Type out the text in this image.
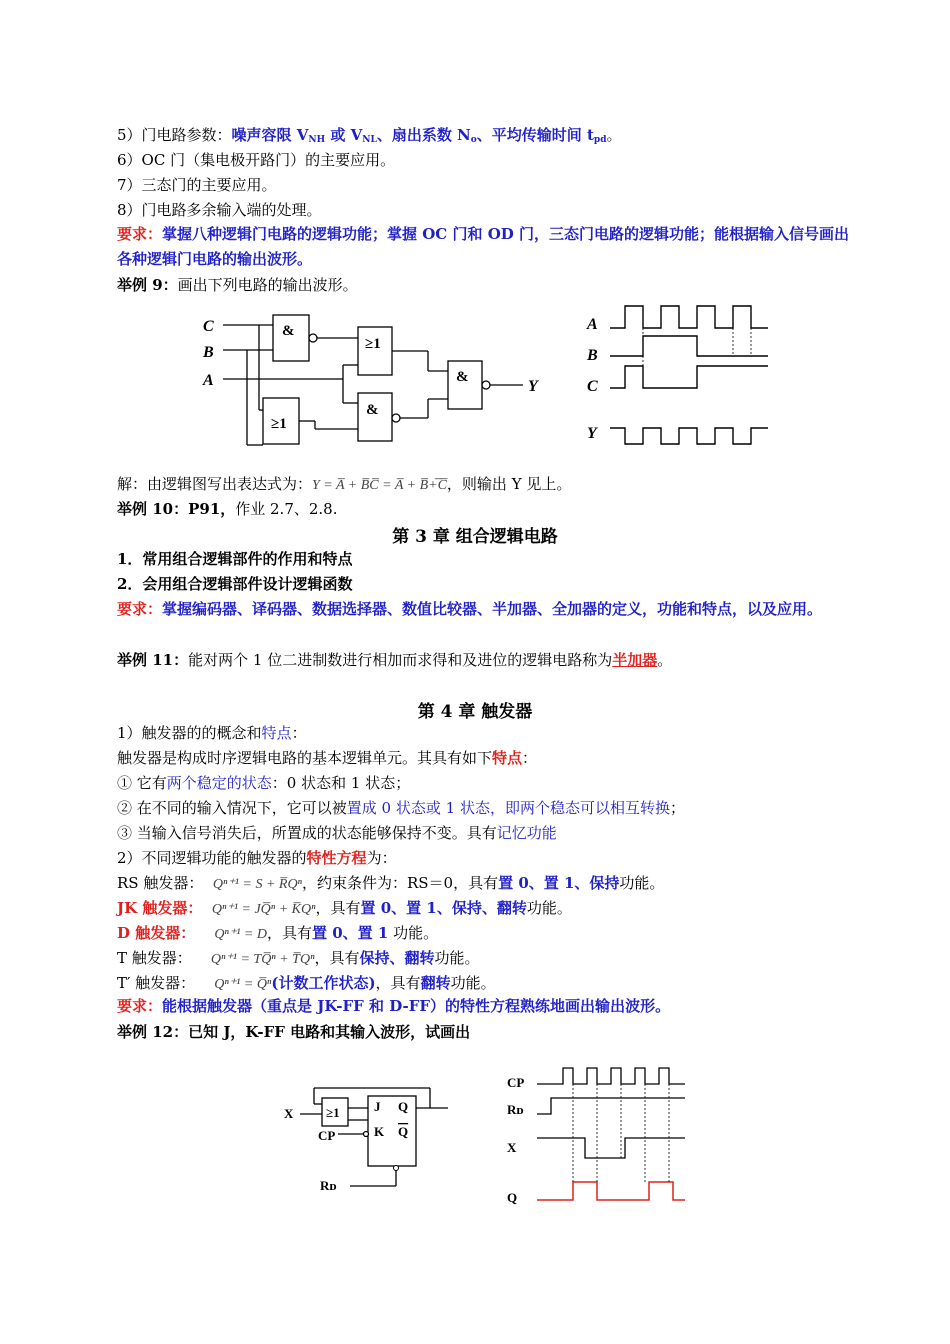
5）门电路参数：噪声容限 $V_{NH}$ 或 $V_{NL}$、扇出系数 $N_o$、平均传输时间 $t_{pd}$。
6）OC 门（集电极开路门）的主要应用。
7）三态门的主要应用。
8）门电路多余输入端的处理。
要求：掌握八种逻辑门电路的逻辑功能；掌握 OC 门和 OD 门，三态门电路的逻辑功能；能根据输入信号画出各种逻辑门电路的输出波形。
举例 9：画出下列电路的输出波形。
C
B
A	Y
&
≥1
≥1
&
&
A
B
C
Y
解：由逻辑图写出表达式为：Y = A̅ + B̅C̅ = A̅ + B̅+̅C̅，则输出 Y 见上。
举例 10：P91，作业 2.7、2.8.
第 3 章 组合逻辑电路
1．常用组合逻辑部件的作用和特点
2．会用组合逻辑部件设计逻辑函数
要求：掌握编码器、译码器、数据选择器、数值比较器、半加器、全加器的定义，功能和特点，以及应用。
举例 11：能对两个 1 位二进制数进行相加而求得和及进位的逻辑电路称为半加器。
第 4 章 触发器
1）触发器的的概念和特点：
触发器是构成时序逻辑电路的基本逻辑单元。其具有如下特点：
① 它有两个稳定的状态：0 状态和 1 状态；
② 在不同的输入情况下，它可以被置成 0 状态或 1 状态，即两个稳态可以相互转换；
③ 当输入信号消失后，所置成的状态能够保持不变。具有记忆功能
2）不同逻辑功能的触发器的特性方程为：
RS 触发器： Qⁿ⁺¹ = S + R̅Qⁿ，约束条件为：RS＝0，具有置 0、置 1、保持功能。
JK 触发器： Qⁿ⁺¹ = JQ̅ⁿ + K̅Qⁿ，具有置 0、置 1、保持、翻转功能。
D 触发器： Qⁿ⁺¹ = D，具有置 0、置 1 功能。
T 触发器： Qⁿ⁺¹ = TQ̅ⁿ + T̅Qⁿ，具有保持、翻转功能。
T′ 触发器： Qⁿ⁺¹ = Q̅ⁿ(计数工作状态)，具有翻转功能。
要求：能根据触发器（重点是 JK-FF 和 D-FF）的特性方程熟练地画出输出波形。
举例 12：已知 J，K-FF 电路和其输入波形，试画出
X
CP
Rᴅ
≥1	J
K
Q
Q
CP
Rᴅ
X
Q
